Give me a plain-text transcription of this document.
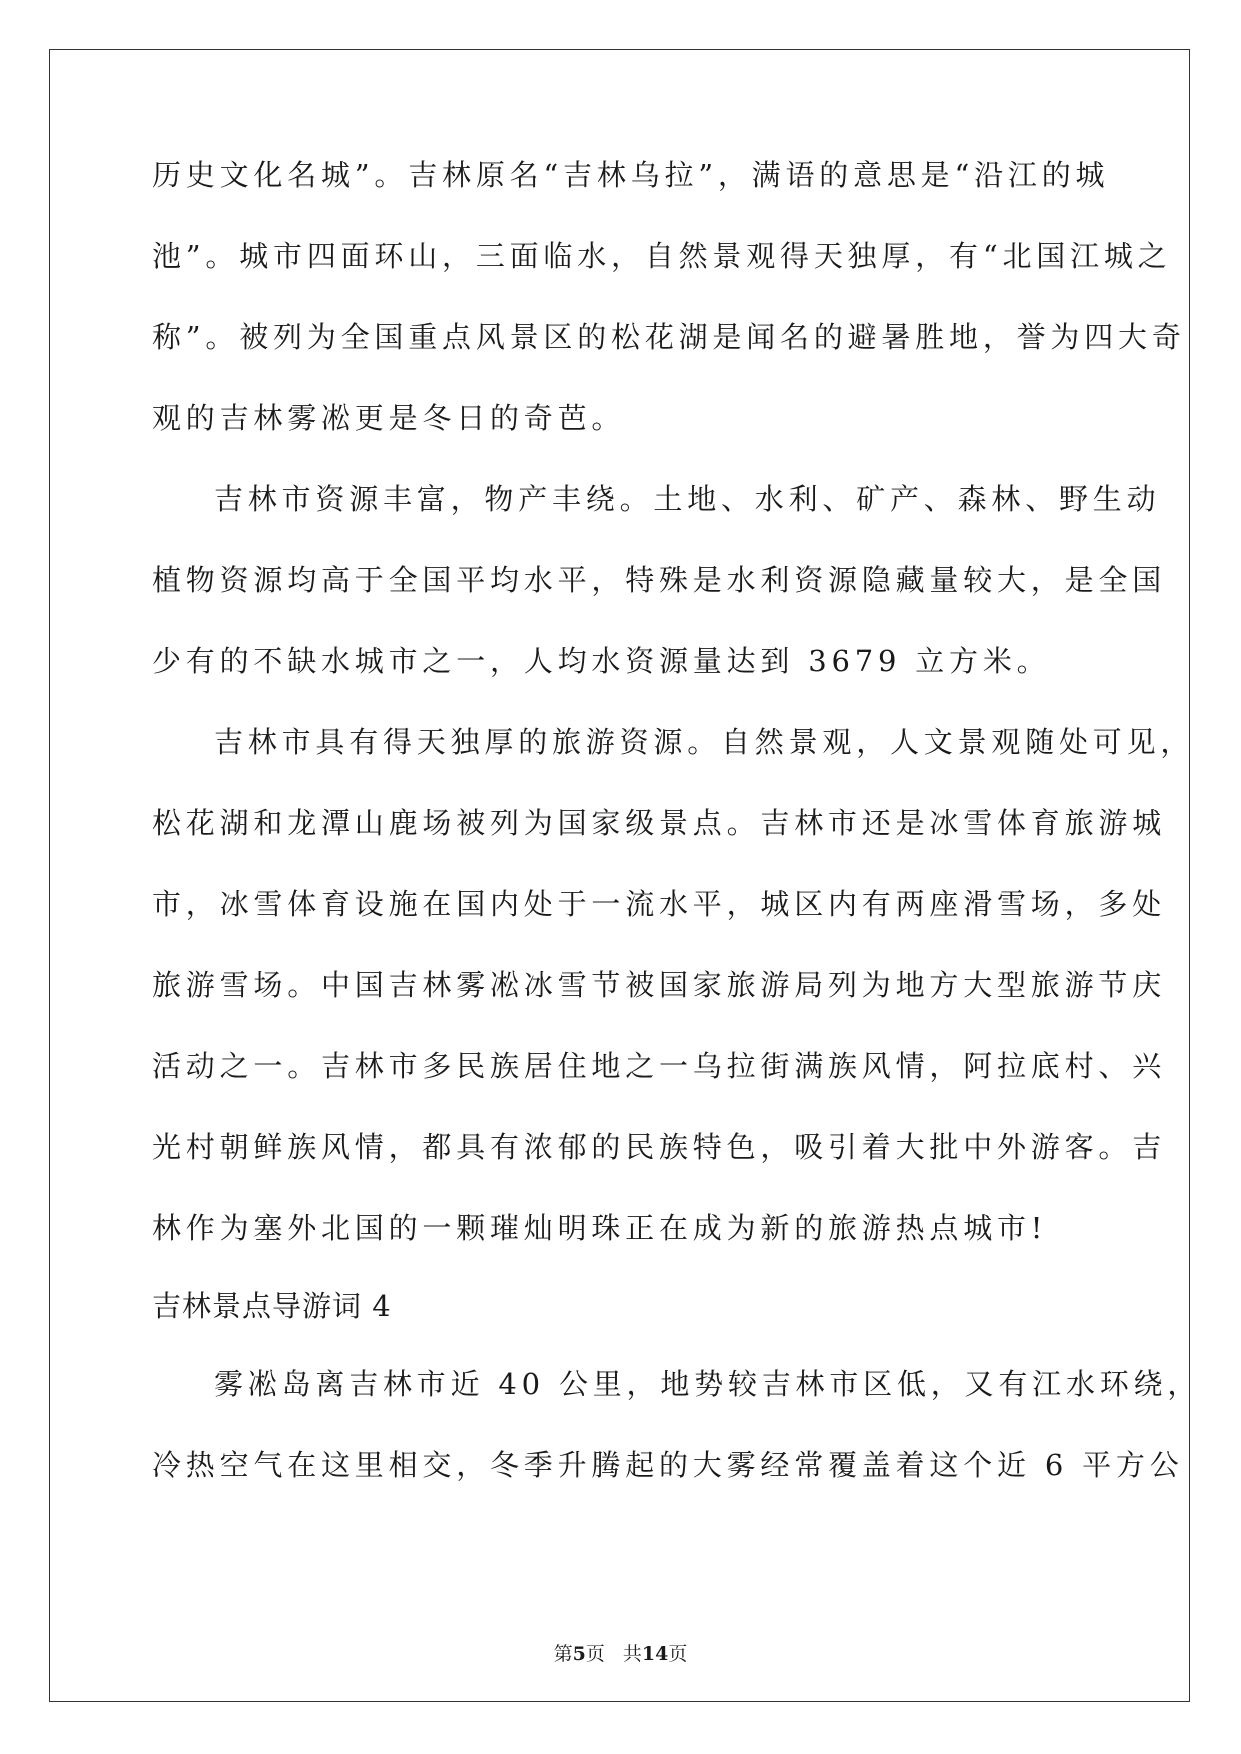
历史文化名城”。吉林原名“吉林乌拉”，满语的意思是“沿江的城
池”。城市四面环山，三面临水，自然景观得天独厚，有“北国江城之
称”。被列为全国重点风景区的松花湖是闻名的避暑胜地，誉为四大奇
观的吉林雾凇更是冬日的奇芭。
吉林市资源丰富，物产丰绕。土地、水利、矿产、森林、野生动
植物资源均高于全国平均水平，特殊是水利资源隐藏量较大，是全国
少有的不缺水城市之一，人均水资源量达到 3679 立方米。
吉林市具有得天独厚的旅游资源。自然景观，人文景观随处可见，
松花湖和龙潭山鹿场被列为国家级景点。吉林市还是冰雪体育旅游城
市，冰雪体育设施在国内处于一流水平，城区内有两座滑雪场，多处
旅游雪场。中国吉林雾凇冰雪节被国家旅游局列为地方大型旅游节庆
活动之一。吉林市多民族居住地之一乌拉街满族风情，阿拉底村、兴
光村朝鲜族风情，都具有浓郁的民族特色，吸引着大批中外游客。吉
林作为塞外北国的一颗璀灿明珠正在成为新的旅游热点城市!
吉林景点导游词 4
雾凇岛离吉林市近 40 公里，地势较吉林市区低，又有江水环绕，
冷热空气在这里相交，冬季升腾起的大雾经常覆盖着这个近 6 平方公
第5页 共14页
